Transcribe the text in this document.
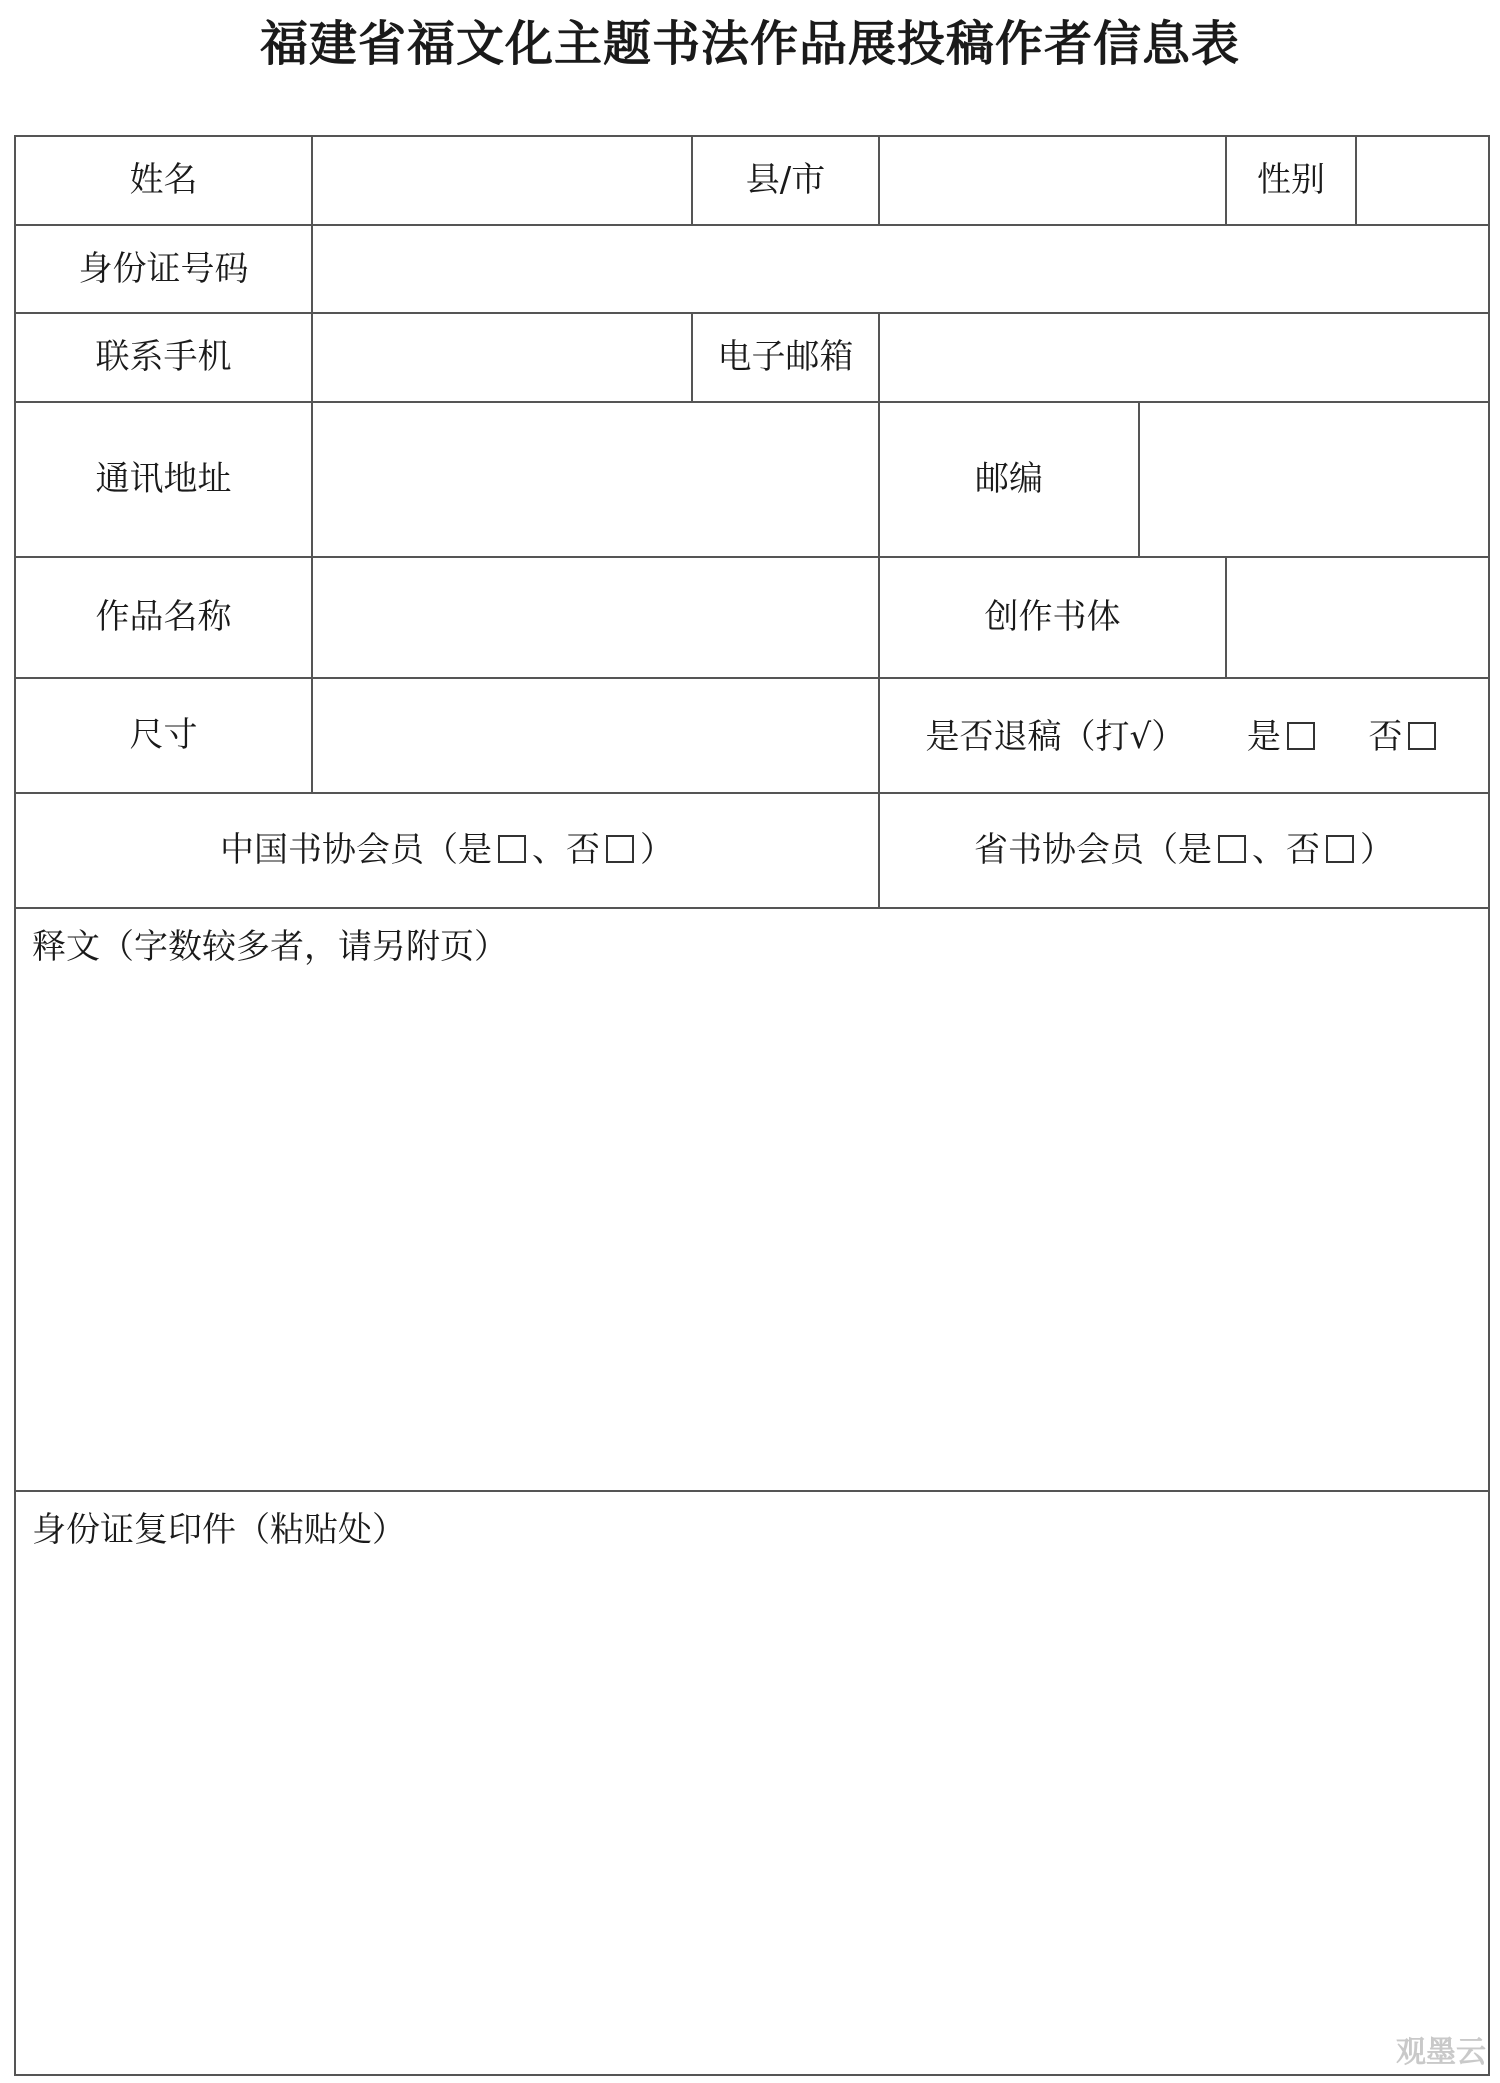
福建省福文化主题书法作品展投稿作者信息表
姓名		县/市			性别	
身份证号码						
联系手机		电子邮箱				
通讯地址			邮编			
作品名称			创作书体			
尺寸			是否退稿（打√） 是 否			
中国书协会员（是 、否 ）			省书协会员（是 、否 ）			
释文（字数较多者，请另附页）						
身份证复印件（粘贴处）						
观墨云
